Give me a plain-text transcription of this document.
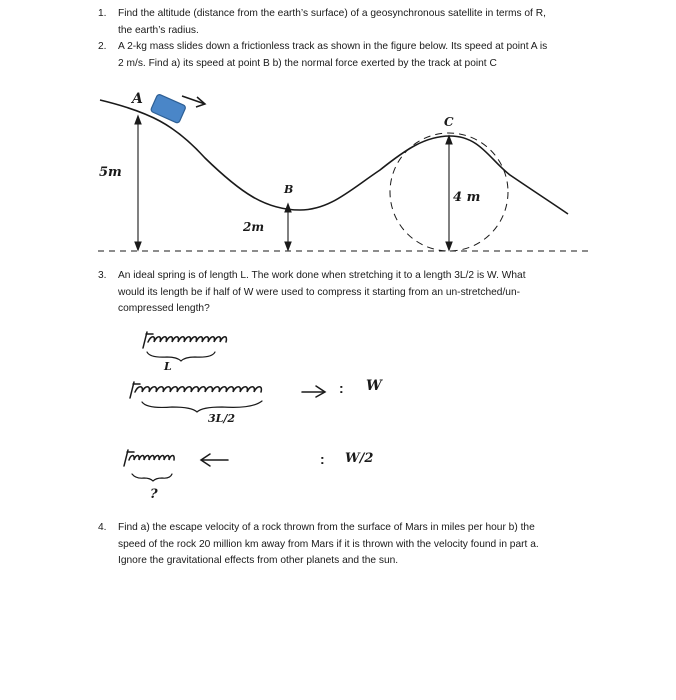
1. Find the altitude (distance from the earth’s surface) of a geosynchronous satellite in terms of R,
the earth’s radius.
2. A 2-kg mass slides down a frictionless track as shown in the figure below. Its speed at point A is
2 m/s. Find a) its speed at point B b) the normal force exerted by the track at point C
A
B
C
5m
2m
4 m
3. An ideal spring is of length L. The work done when stretching it to a length 3L/2 is W. What
would its length be if half of W were used to compress it starting from an un-stretched/un-
compressed length?
L
3L/2
: W
: W/2
?
4. Find a) the escape velocity of a rock thrown from the surface of Mars in miles per hour b) the
speed of the rock 20 million km away from Mars if it is thrown with the velocity found in part a.
Ignore the gravitational effects from other planets and the sun.
